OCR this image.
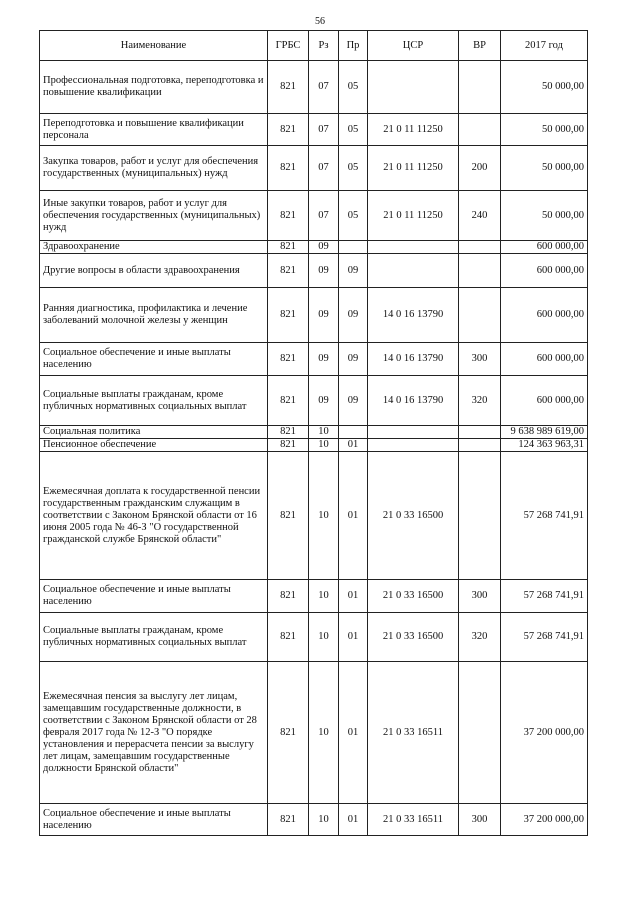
56
Наименование	ГРБС	Рз	Пр	ЦСР	ВР	2017 год
Профессиональная подготовка, переподготовка и повышение квалификации	821	07	05			50 000,00
Переподготовка и повышение квалификации персонала	821	07	05	21 0 11 11250		50 000,00
Закупка товаров, работ и услуг для обеспечения государственных (муниципальных) нужд	821	07	05	21 0 11 11250	200	50 000,00
Иные закупки товаров, работ и услуг для обеспечения государственных (муниципальных) нужд	821	07	05	21 0 11 11250	240	50 000,00
Здравоохранение	821	09				600 000,00
Другие вопросы в области здравоохранения	821	09	09			600 000,00
Ранняя диагностика, профилактика и лечение заболеваний молочной железы у женщин	821	09	09	14 0 16 13790		600 000,00
Социальное обеспечение и иные выплаты населению	821	09	09	14 0 16 13790	300	600 000,00
Социальные выплаты гражданам, кроме публичных нормативных социальных выплат	821	09	09	14 0 16 13790	320	600 000,00
Социальная политика	821	10				9 638 989 619,00
Пенсионное обеспечение	821	10	01			124 363 963,31
Ежемесячная доплата к государственной пенсии государственным гражданским служащим в соответствии с Законом Брянской области от 16 июня 2005 года № 46-З "О государственной гражданской службе Брянской области"	821	10	01	21 0 33 16500		57 268 741,91
Социальное обеспечение и иные выплаты населению	821	10	01	21 0 33 16500	300	57 268 741,91
Социальные выплаты гражданам, кроме публичных нормативных социальных выплат	821	10	01	21 0 33 16500	320	57 268 741,91
Ежемесячная пенсия за выслугу лет лицам, замещавшим государственные должности, в соответствии с Законом Брянской области от 28 февраля 2017 года № 12-З "О порядке установления и перерасчета пенсии за выслугу лет лицам, замещавшим государственные должности Брянской области"	821	10	01	21 0 33 16511		37 200 000,00
Социальное обеспечение и иные выплаты населению	821	10	01	21 0 33 16511	300	37 200 000,00
